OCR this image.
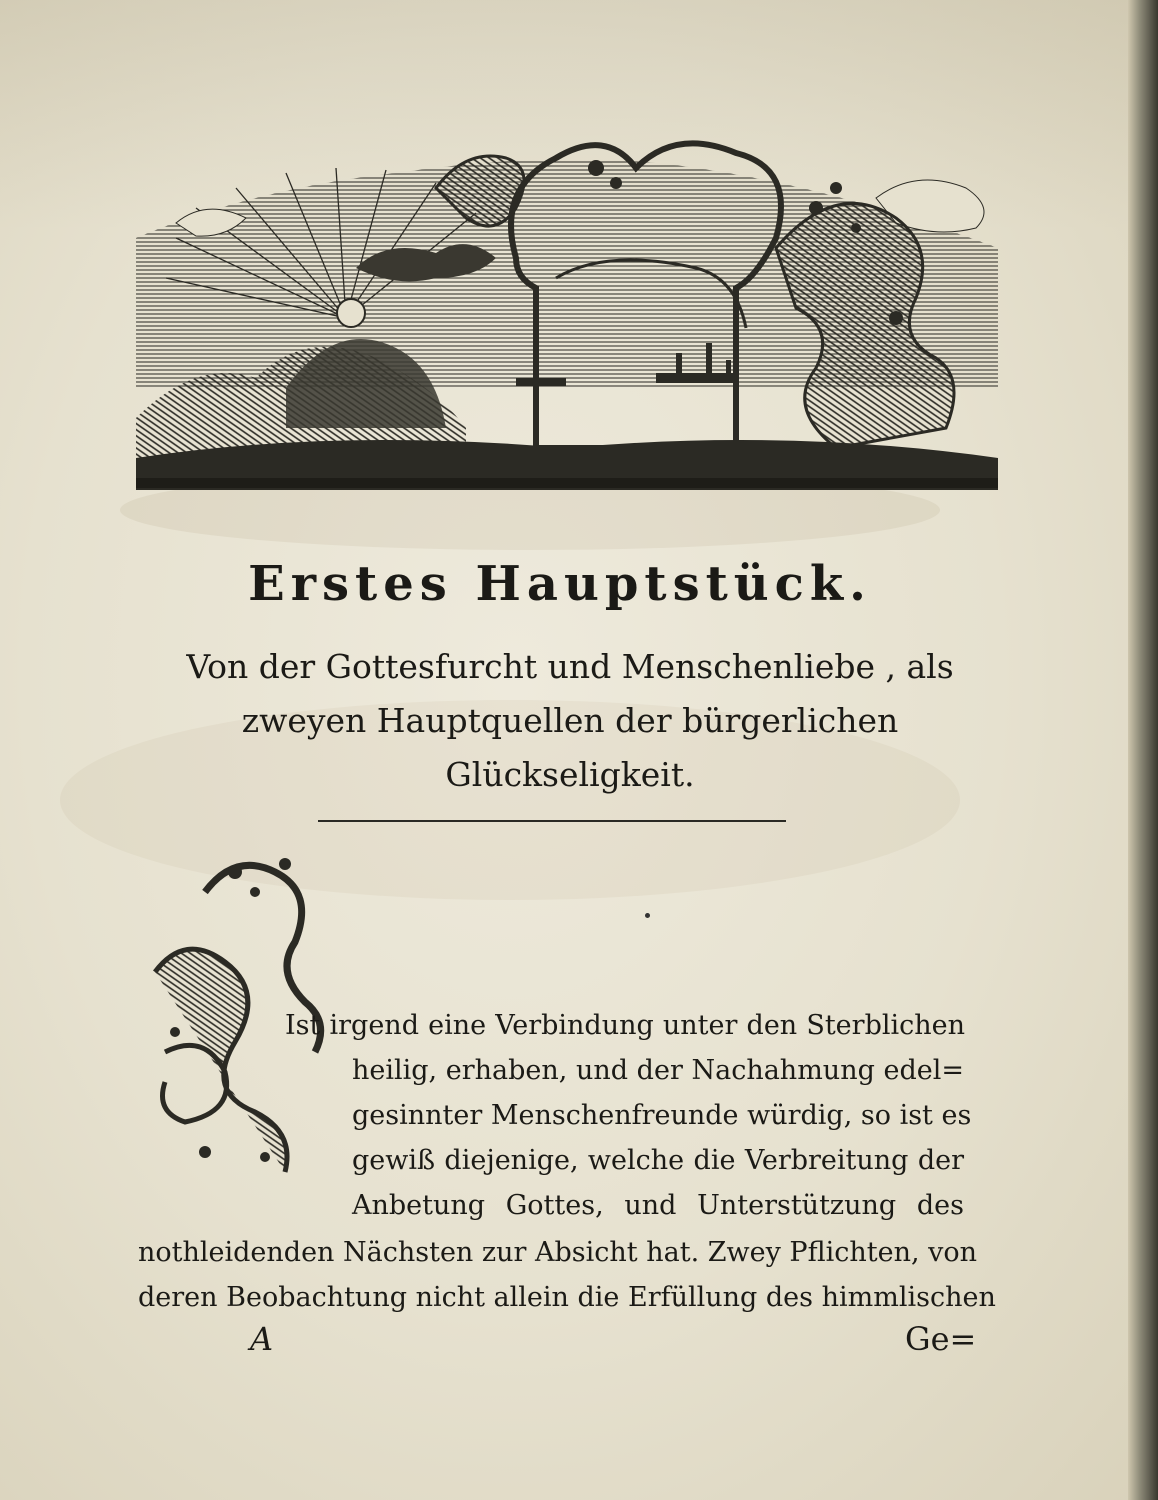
Erstes Hauptstück.
Von der Gottesfurcht und Menschenliebe , als
zweyen Hauptquellen der bürgerlichen
Glückseligkeit.
Ist irgend eine Verbindung unter den Sterblichen
heilig, erhaben, und der Nachahmung edel=
gesinnter Menschenfreunde würdig, so ist es
gewiß diejenige, welche die Verbreitung der
Anbetung Gottes, und Unterstützung des
nothleidenden Nächsten zur Absicht hat. Zwey Pflichten, von
deren Beobachtung nicht allein die Erfüllung des himmlischen
A	Ge=
